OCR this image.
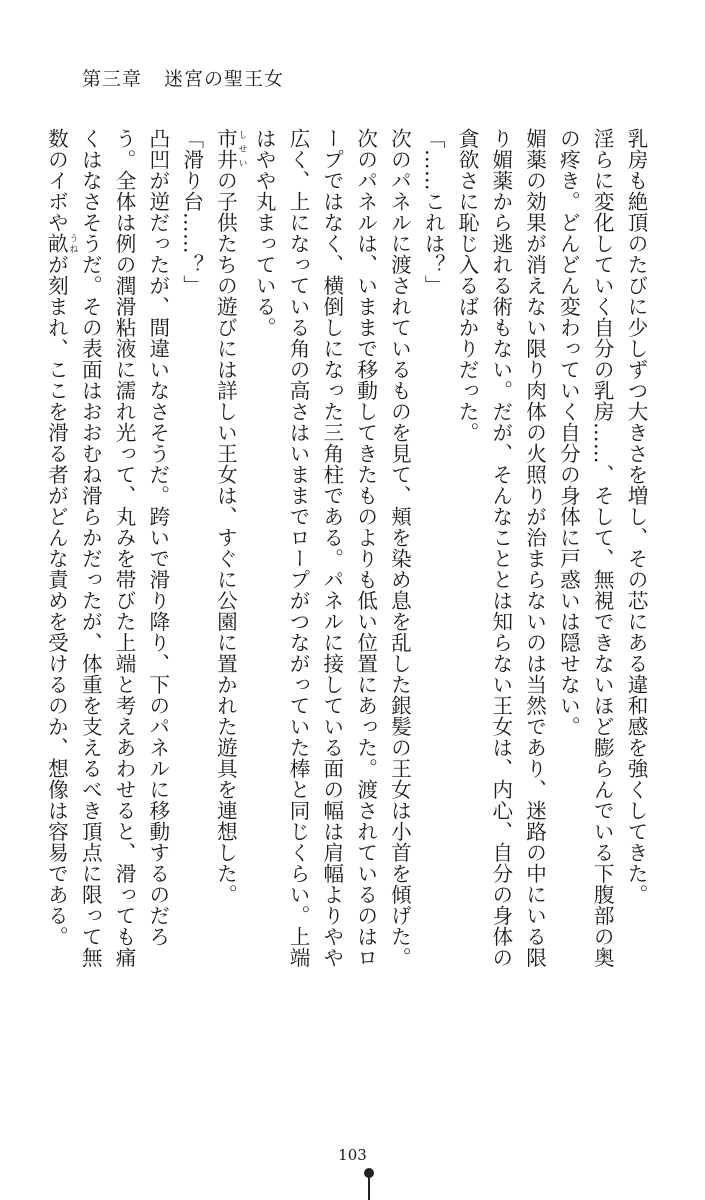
第三章 迷宮の聖王女

乳房も絶頂のたびに少しずつ大きさを増し、その芯にある違和感を強くしてきた。

淫らに変化していく自分の乳房……、そして、無視できないほど膨らんでいる下腹部の奥の疼き。どんどん変わっていく自分の身体に戸惑いは隠せない。

媚薬の効果が消えない限り肉体の火照りが治まらないのは当然であり、迷路の中にいる限り媚薬から逃れる術もない。だが、そんなこととは知らない王女は、内心、自分の身体の貪欲さに恥じ入るばかりだった。

「……これは？」

次のパネルに渡されているものを見て、頬を染め息を乱した銀髪の王女は小首を傾げた。

次のパネルは、いままで移動してきたものよりも低い位置にあった。渡されているのはロープではなく、横倒しになった三角柱である。パネルに接している面の幅は肩幅よりやや広く、上になっている角の高さはいままでロープがつながっていた棒と同じくらい。上端はやや丸まっている。

市井 しせいの子供たちの遊びには詳しい王女は、すぐに公園に置かれた遊具を連想した。

「滑り台……？」

凸凹が逆だったが、間違いなさそうだ。跨いで滑り降り、下のパネルに移動するのだろう。全体は例の潤滑粘液に濡れ光って、丸みを帯びた上端と考えあわせると、滑っても痛くはなさそうだ。その表面はおおむね滑らかだったが、体重を支えるべき頂点に限って無数のイボや畝 うねが刻まれ、ここを滑る者がどんな責めを受けるのか、想像は容易である。

103
